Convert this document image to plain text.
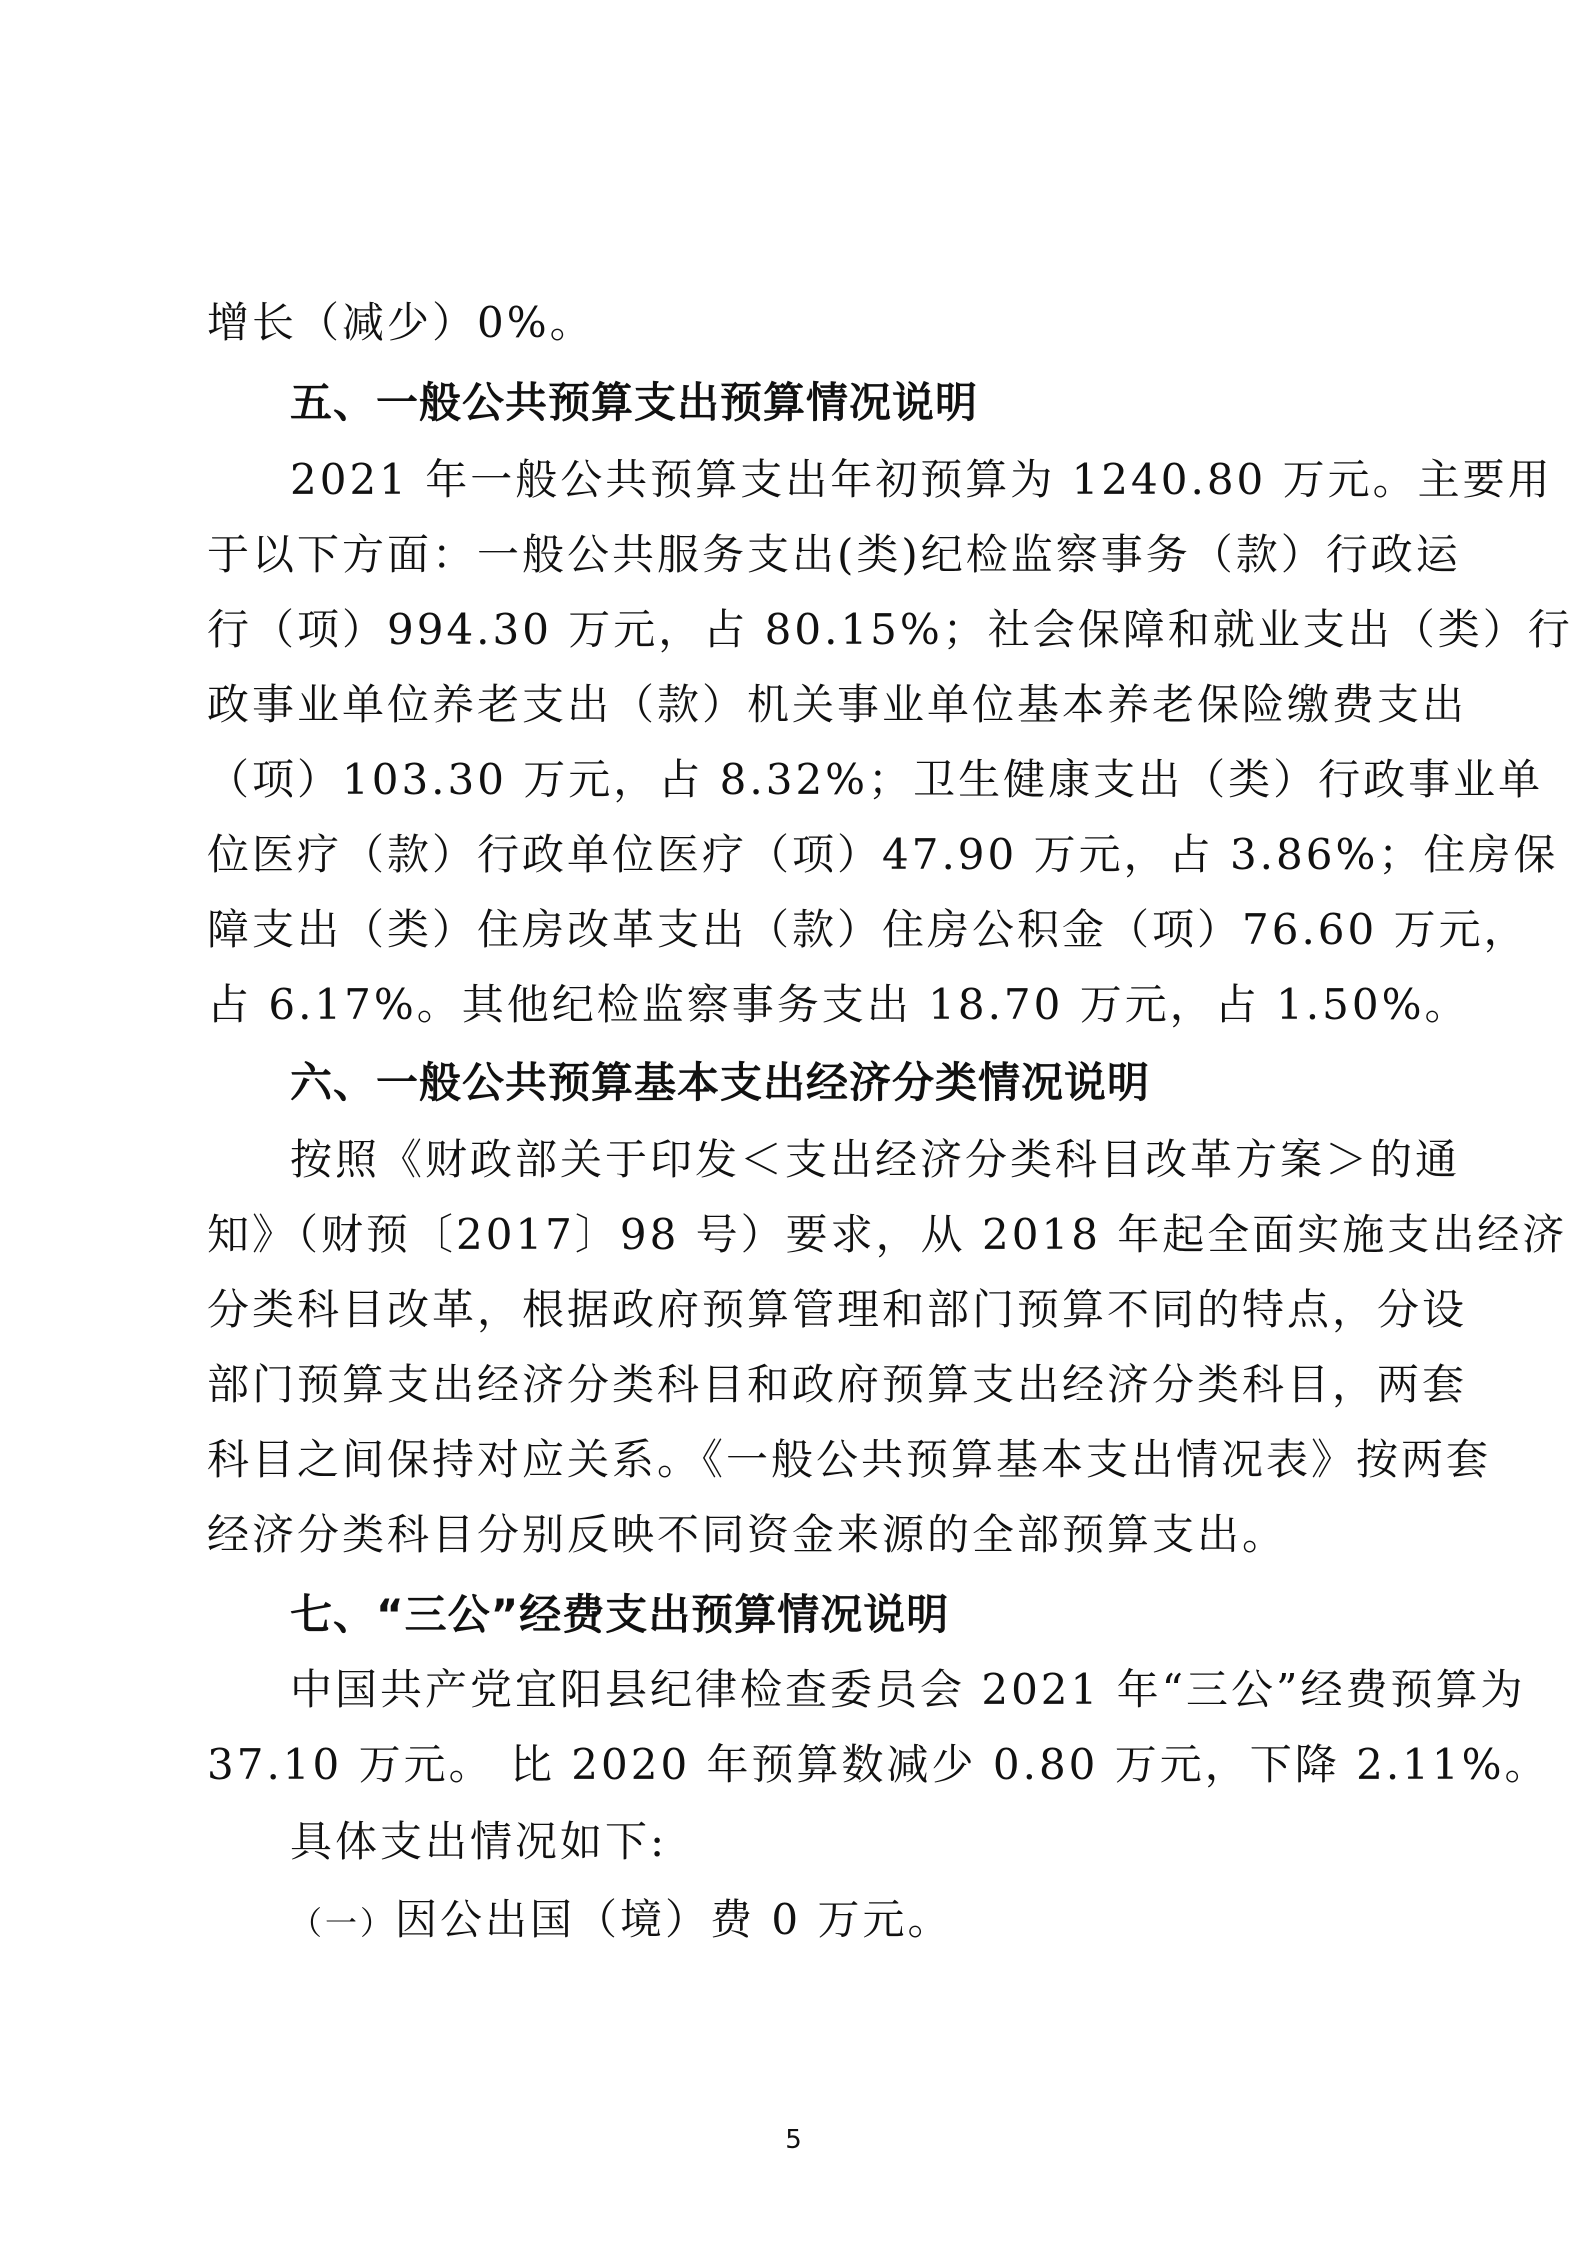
增长（减少）0%。
五、一般公共预算支出预算情况说明
2021 年一般公共预算支出年初预算为 1240.80 万元。主要用
于以下方面：一般公共服务支出(类)纪检监察事务（款）行政运
行（项）994.30 万元，占 80.15%；社会保障和就业支出（类）行
政事业单位养老支出（款）机关事业单位基本养老保险缴费支出
（项）103.30 万元，占 8.32%；卫生健康支出（类）行政事业单
位医疗（款）行政单位医疗（项）47.90 万元，占 3.86%；住房保
障支出（类）住房改革支出（款）住房公积金（项）76.60 万元，
占 6.17%。其他纪检监察事务支出 18.70 万元，占 1.50%。
六、一般公共预算基本支出经济分类情况说明
按照《财政部关于印发＜支出经济分类科目改革方案＞的通
知》（财预〔2017〕98 号）要求，从 2018 年起全面实施支出经济
分类科目改革，根据政府预算管理和部门预算不同的特点，分设
部门预算支出经济分类科目和政府预算支出经济分类科目，两套
科目之间保持对应关系。《一般公共预算基本支出情况表》按两套
经济分类科目分别反映不同资金来源的全部预算支出。
七、“三公”经费支出预算情况说明
中国共产党宜阳县纪律检查委员会 2021 年“三公”经费预算为
37.10 万元。 比 2020 年预算数减少 0.80 万元，下降 2.11%。
具体支出情况如下:
（一）因公出国（境）费 0 万元。
5
